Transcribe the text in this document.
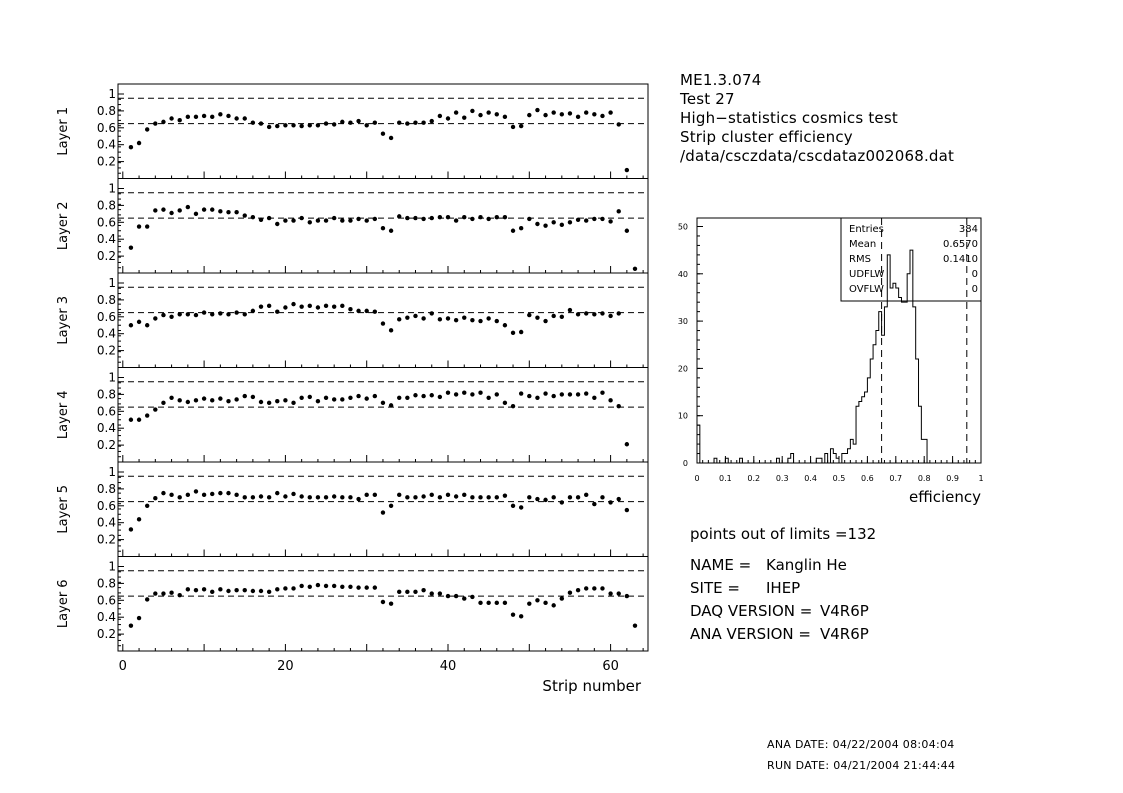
0.2
0.4
0.6
0.8
1
Layer 1
0.2
0.4
0.6
0.8
1
Layer 2
0.2
0.4
0.6
0.8
1
Layer 3
0.2
0.4
0.6
0.8
1
Layer 4
0.2
0.4
0.6
0.8
1
Layer 5
0.2
0.4
0.6
0.8
1
Layer 6
0	20	40	60
Strip number
0
10
20
30
40
50
0 0.1 0.2 0.3 0.4 0.5 0.6 0.7 0.8 0.9 1
Entries	384
Mean	0.6570
RMS	0.1410
UDFLW	0
OVFLW	0
efficiency
ME1.3.074
Test 27
High−statistics cosmics test
Strip cluster efficiency
/data/csczdata/cscdataz002068.dat
points out of limits =132
NAME = Kanglin He
SITE = IHEP
DAQ VERSION = V4R6P
ANA VERSION = V4R6P
ANA DATE: 04/22/2004 08:04:04
RUN DATE: 04/21/2004 21:44:44
